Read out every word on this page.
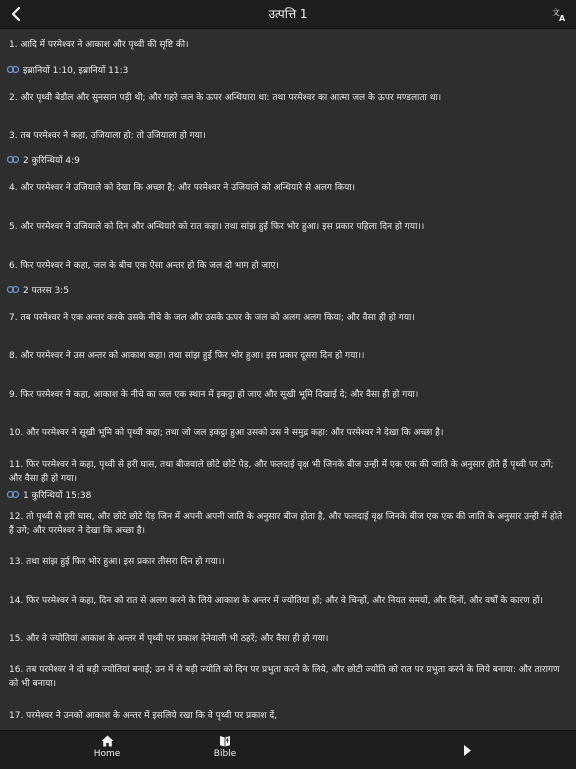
उत्पत्ति 1	文
A
1. आदि में परमेश्वर ने आकाश और पृथ्वी की सृष्टि की।
इब्रानियों 1:10, इब्रानियों 11:3
2. और पृथ्वी बेडौल और सुनसान पड़ी थी; और गहरे जल के ऊपर अन्धियारा था: तथा परमेश्वर का आत्मा जल के ऊपर मण्डलाता था।
3. तब परमेश्वर ने कहा, उजियाला हो: तो उजियाला हो गया।
2 कुरिन्थियों 4:9
4. और परमेश्वर ने उजियाले को देखा कि अच्छा है; और परमेश्वर ने उजियाले को अन्धियारे से अलग किया।
5. और परमेश्वर ने उजियाले को दिन और अन्धियारे को रात कहा। तथा सांझ हुई फिर भोर हुआ। इस प्रकार पहिला दिन हो गया।।
6. फिर परमेश्वर ने कहा, जल के बीच एक ऐसा अन्तर हो कि जल दो भाग हो जाए।
2 पतरस 3:5
7. तब परमेश्वर ने एक अन्तर करके उसके नीचे के जल और उसके ऊपर के जल को अलग अलग किया; और वैसा ही हो गया।
8. और परमेश्वर ने उस अन्तर को आकाश कहा। तथा सांझ हुई फिर भोर हुआ। इस प्रकार दूसरा दिन हो गया।।
9. फिर परमेश्वर ने कहा, आकाश के नीचे का जल एक स्थान में इकट्ठा हो जाए और सूखी भूमि दिखाई दे; और वैसा ही हो गया।
10. और परमेश्वर ने सूखी भूमि को पृथ्वी कहा; तथा जो जल इकट्ठा हुआ उसको उस ने समुद्र कहा: और परमेश्वर ने देखा कि अच्छा है।
11. फिर परमेश्वर ने कहा, पृथ्वी से हरी घास, तथा बीजवाले छोटे छोटे पेड़, और फलदाई वृक्ष भी जिनके बीज उन्ही में एक एक की जाति के अनुसार होते हैं पृथ्वी पर उगें; और वैसा ही हो गया।
1 कुरिन्थियों 15:38
12. तो पृथ्वी से हरी घास, और छोटे छोटे पेड़ जिन में अपनी अपनी जाति के अनुसार बीज होता है, और फलदाई वृक्ष जिनके बीज एक एक की जाति के अनुसार उन्ही में होते हैं उगे; और परमेश्वर ने देखा कि अच्छा है।
13. तथा सांझ हुई फिर भोर हुआ। इस प्रकार तीसरा दिन हो गया।।
14. फिर परमेश्वर ने कहा, दिन को रात से अलग करने के लिये आकाश के अन्तर में ज्योतियां हों; और वे चिन्हों, और नियत समयों, और दिनों, और वर्षों के कारण हों।
15. और वे ज्योतियां आकाश के अन्तर में पृथ्वी पर प्रकाश देनेवाली भी ठहरें; और वैसा ही हो गया।
16. तब परमेश्वर ने दो बड़ी ज्योतियां बनाईं; उन में से बड़ी ज्योति को दिन पर प्रभुता करने के लिये, और छोटी ज्योति को रात पर प्रभुता करने के लिये बनाया: और तारागण को भी बनाया।
17. परमेश्वर ने उनको आकाश के अन्तर में इसलिये रखा कि वे पृथ्वी पर प्रकाश दें,
Home	Bible
